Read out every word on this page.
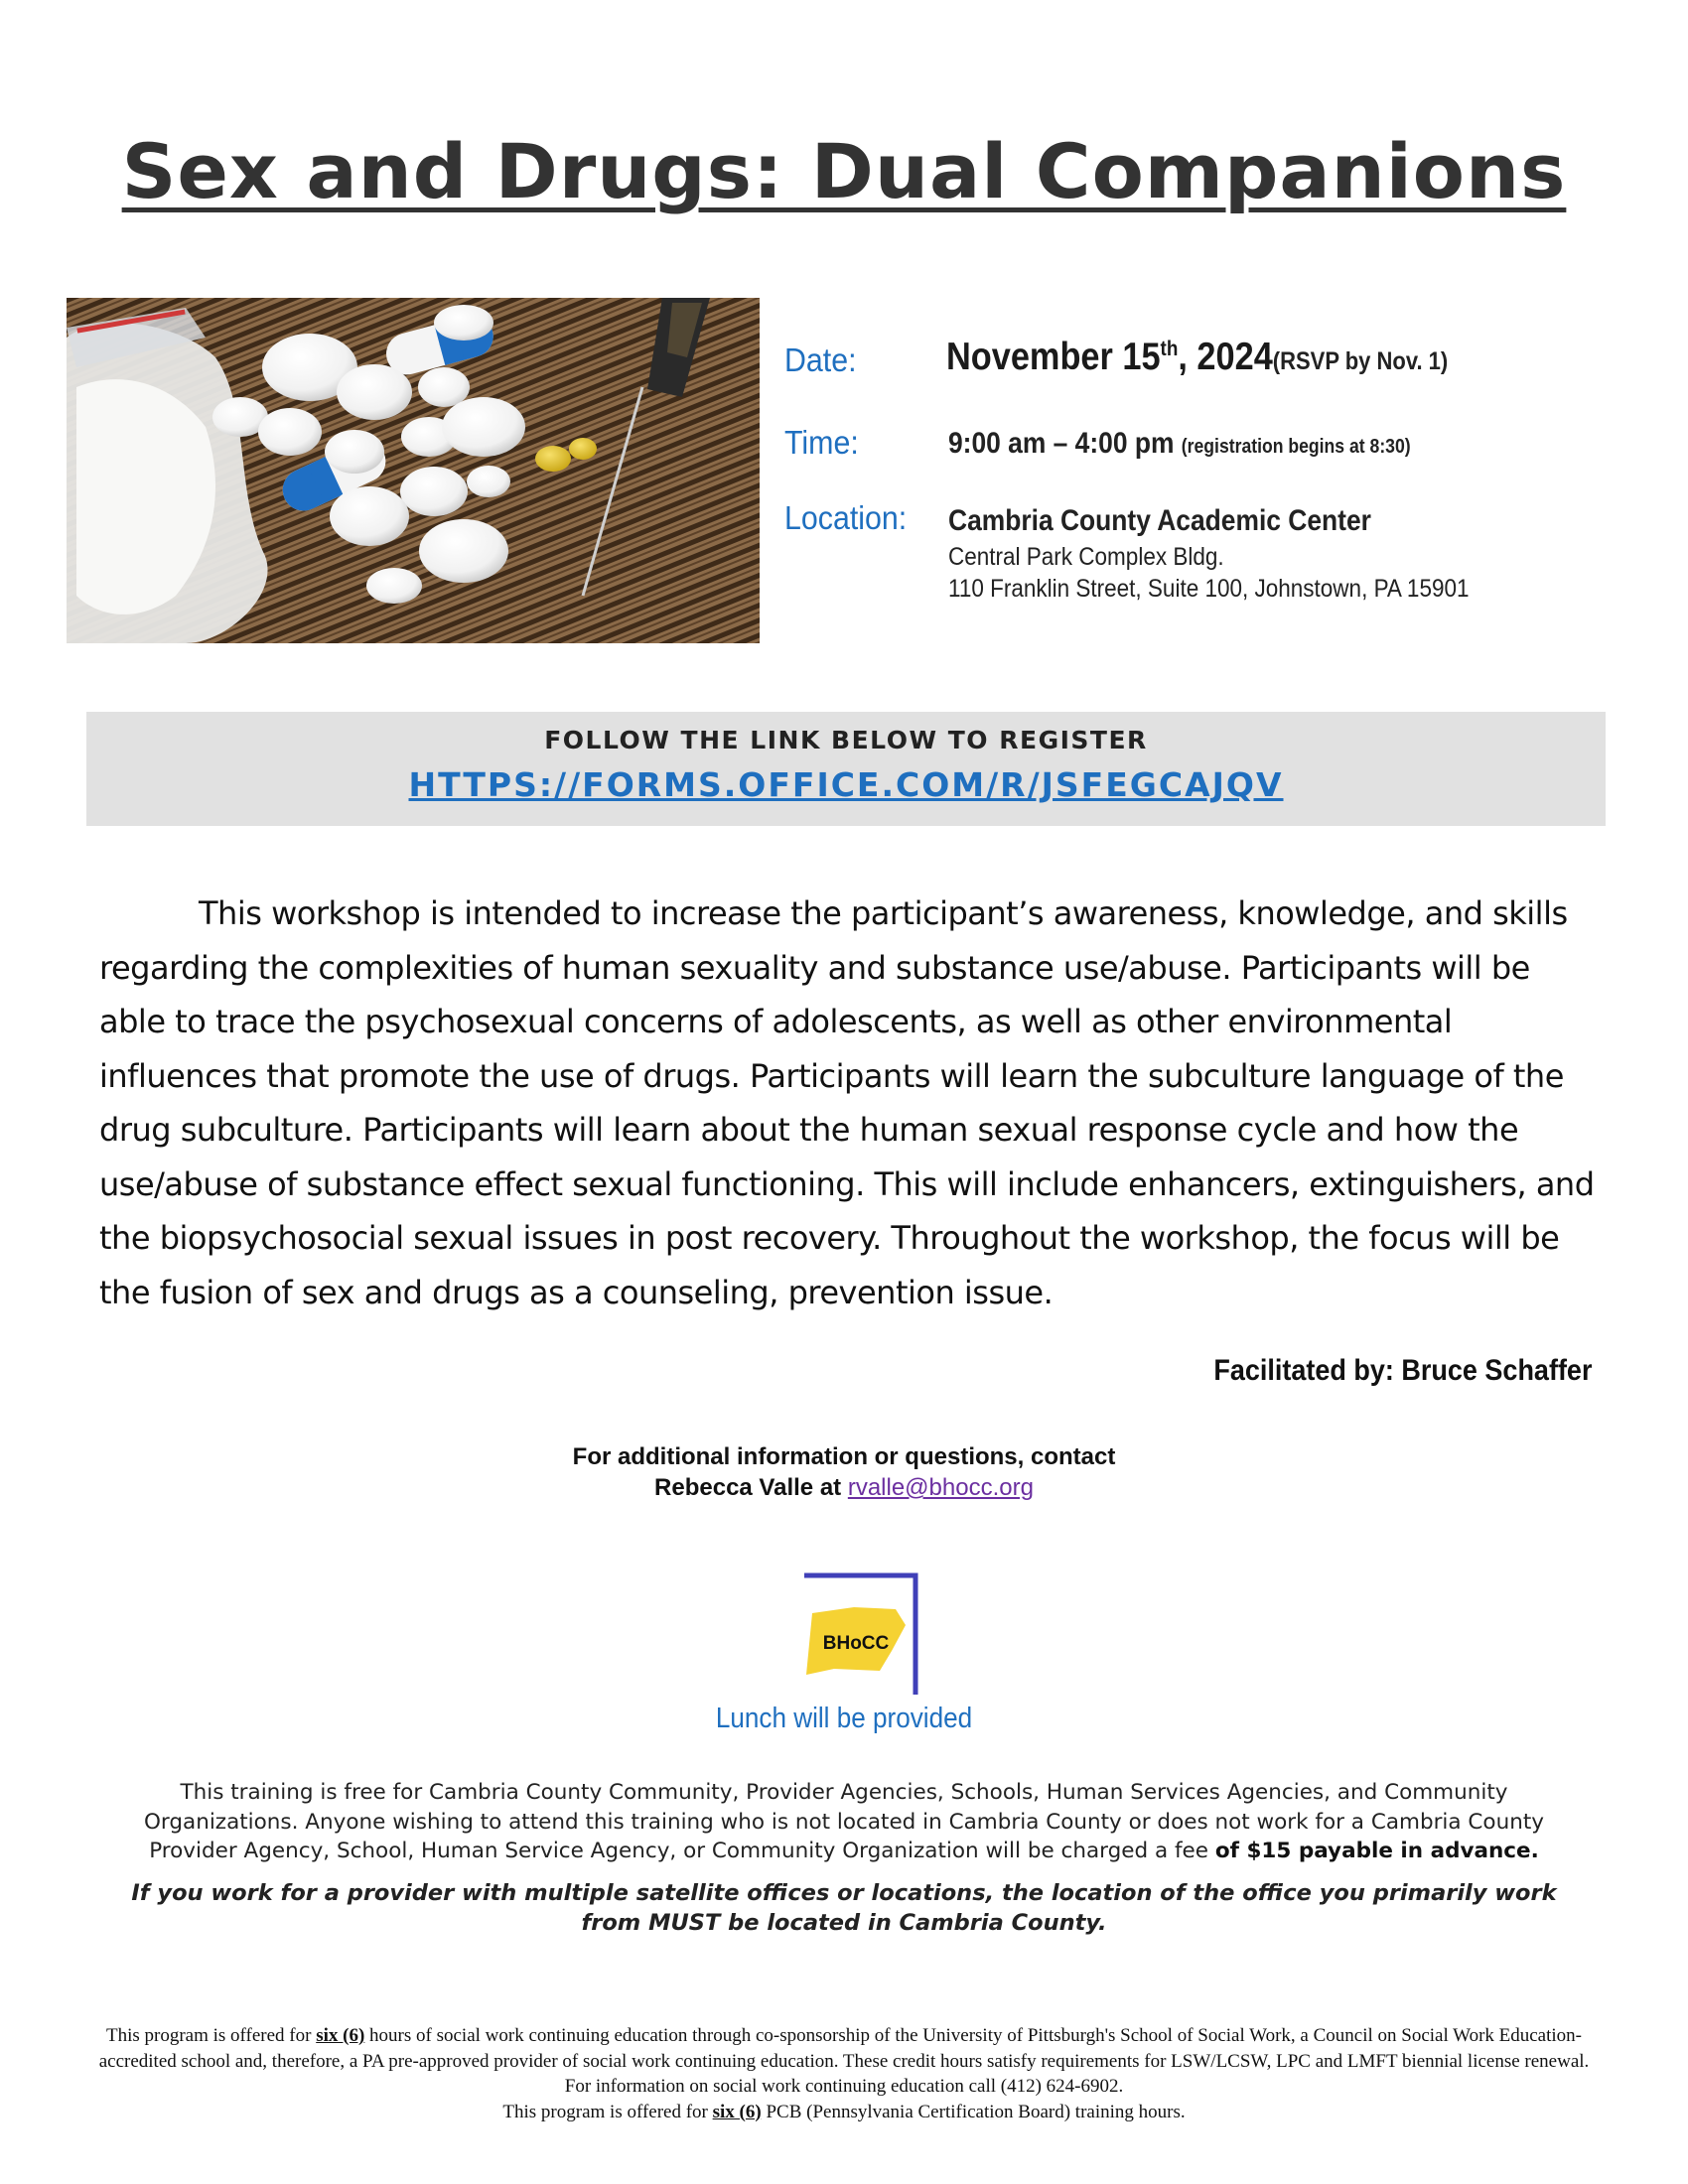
Sex and Drugs: Dual Companions
Date: November 15th, 2024(RSVP by Nov. 1)
Time:	9:00 am – 4:00 pm (registration begins at 8:30)
Location: Cambria County Academic Center
Central Park Complex Bldg.
110 Franklin Street, Suite 100, Johnstown, PA 15901
FOLLOW THE LINK BELOW TO REGISTER
HTTPS://FORMS.OFFICE.COM/R/JSFEGCAJQV
This workshop is intended to increase the participant’s awareness, knowledge, and skills regarding the complexities of human sexuality and substance use/abuse. Participants will be able to trace the psychosexual concerns of adolescents, as well as other environmental influences that promote the use of drugs. Participants will learn the subculture language of the drug subculture. Participants will learn about the human sexual response cycle and how the use/abuse of substance effect sexual functioning. This will include enhancers, extinguishers, and the biopsychosocial sexual issues in post recovery. Throughout the workshop, the focus will be the fusion of sex and drugs as a counseling, prevention issue.
Facilitated by: Bruce Schaffer
For additional information or questions, contact
Rebecca Valle at rvalle@bhocc.org
BHoCC
Lunch will be provided
This training is free for Cambria County Community, Provider Agencies, Schools, Human Services Agencies, and Community Organizations. Anyone wishing to attend this training who is not located in Cambria County or does not work for a Cambria County Provider Agency, School, Human Service Agency, or Community Organization will be charged a fee of $15 payable in advance.
If you work for a provider with multiple satellite offices or locations, the location of the office you primarily work from MUST be located in Cambria County.
This program is offered for six (6) hours of social work continuing education through co-sponsorship of the University of Pittsburgh's School of Social Work, a Council on Social Work Education-accredited school and, therefore, a PA pre-approved provider of social work continuing education. These credit hours satisfy requirements for LSW/LCSW, LPC and LMFT biennial license renewal. For information on social work continuing education call (412) 624-6902.
This program is offered for six (6) PCB (Pennsylvania Certification Board) training hours.
